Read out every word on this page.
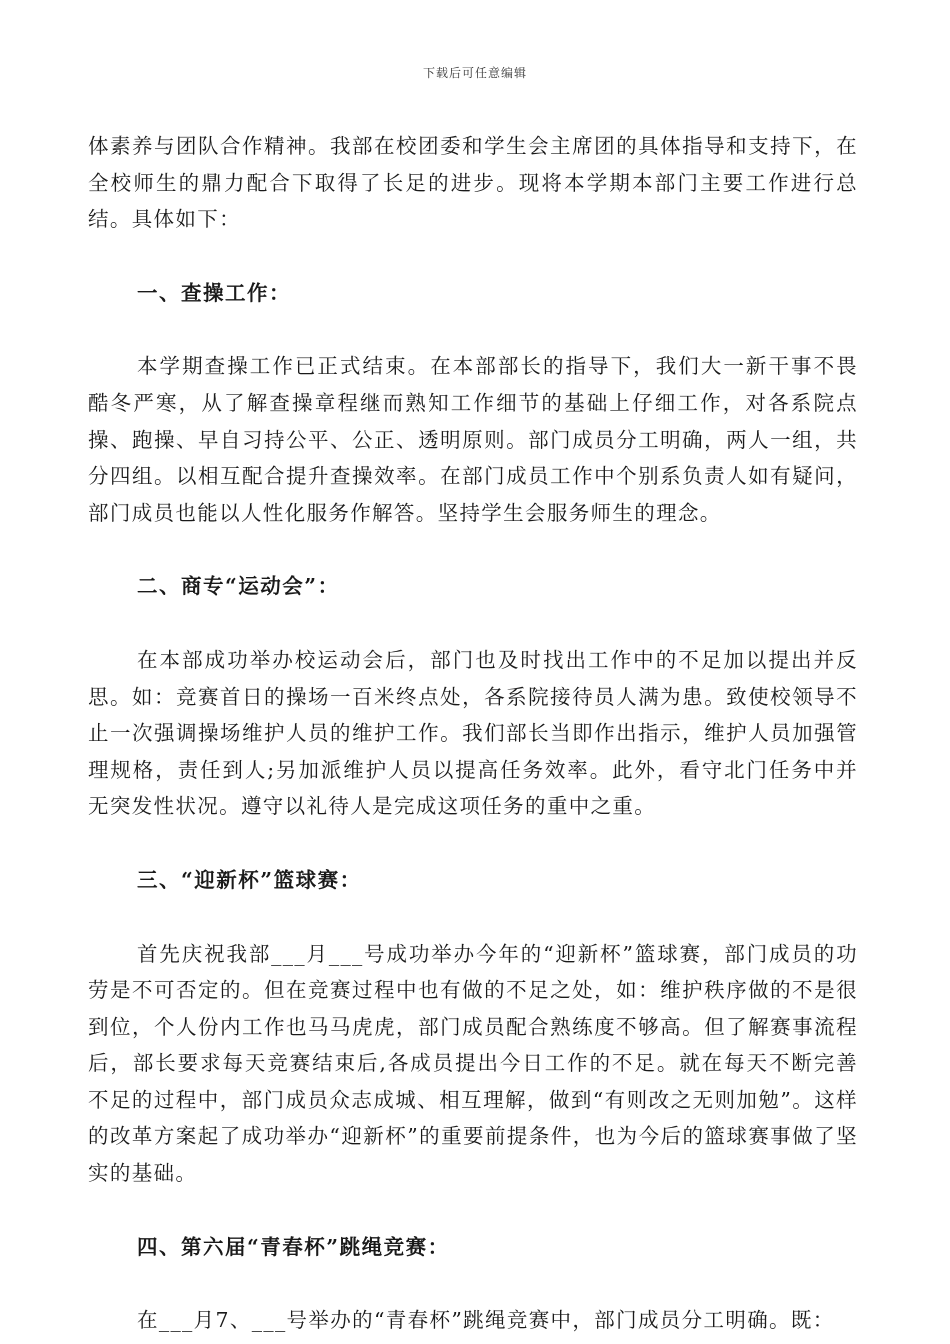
下载后可任意编辑

体素养与团队合作精神。我部在校团委和学生会主席团的具体指导和支持下，在全校师生的鼎力配合下取得了长足的进步。现将本学期本部门主要工作进行总结。具体如下：

一、查操工作：

本学期查操工作已正式结束。在本部部长的指导下，我们大一新干事不畏酷冬严寒，从了解查操章程继而熟知工作细节的基础上仔细工作，对各系院点操、跑操、早自习持公平、公正、透明原则。部门成员分工明确，两人一组，共分四组。以相互配合提升查操效率。在部门成员工作中个别系负责人如有疑问，部门成员也能以人性化服务作解答。坚持学生会服务师生的理念。

二、商专“运动会”：

在本部成功举办校运动会后，部门也及时找出工作中的不足加以提出并反思。如：竞赛首日的操场一百米终点处，各系院接待员人满为患。致使校领导不止一次强调操场维护人员的维护工作。我们部长当即作出指示，维护人员加强管理规格，责任到人;另加派维护人员以提高任务效率。此外，看守北门任务中并无突发性状况。遵守以礼待人是完成这项任务的重中之重。

三、“迎新杯”篮球赛：

首先庆祝我部___月___号成功举办今年的“迎新杯”篮球赛，部门成员的功劳是不可否定的。但在竞赛过程中也有做的不足之处，如：维护秩序做的不是很到位，个人份内工作也马马虎虎，部门成员配合熟练度不够高。但了解赛事流程后，部长要求每天竞赛结束后,各成员提出今日工作的不足。就在每天不断完善不足的过程中，部门成员众志成城、相互理解，做到“有则改之无则加勉”。这样的改革方案起了成功举办“迎新杯”的重要前提条件，也为今后的篮球赛事做了坚实的基础。

四、第六届“青春杯”跳绳竞赛：

在___月7、___号举办的“青春杯”跳绳竞赛中，部门成员分工明确。既：
